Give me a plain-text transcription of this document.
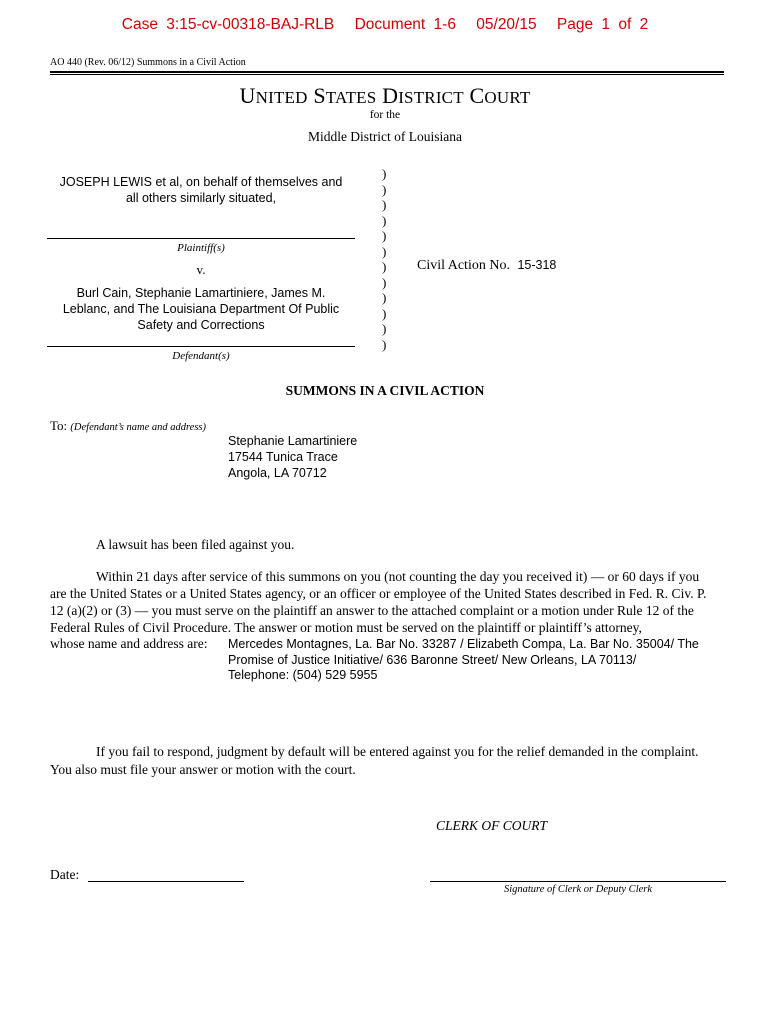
Case 3:15-cv-00318-BAJ-RLB Document 1-6 05/20/15 Page 1 of 2
AO 440 (Rev. 06/12) Summons in a Civil Action
UNITED STATES DISTRICT COURT
for the
Middle District of Louisiana
JOSEPH LEWIS et al, on behalf of themselves and
all others similarly situated,
Plaintiff(s)
v.
Burl Cain, Stephanie Lamartiniere, James M.
Leblanc, and The Louisiana Department Of Public
Safety and Corrections
Defendant(s)
)
)
)
)
)
)
)
)
)
)
)
)

Civil Action No. 15-318
SUMMONS IN A CIVIL ACTION
To: (Defendant’s name and address)
Stephanie Lamartiniere
17544 Tunica Trace
Angola, LA 70712
A lawsuit has been filed against you.
Within 21 days after service of this summons on you (not counting the day you received it) — or 60 days if you
are the United States or a United States agency, or an officer or employee of the United States described in Fed. R. Civ. P. 12 (a)(2) or (3) — you must serve on the plaintiff an answer to the attached complaint or a motion under Rule 12 of the Federal Rules of Civil Procedure. The answer or motion must be served on the plaintiff or plaintiff’s attorney,
whose name and address are: Mercedes Montagnes, La. Bar No. 33287 / Elizabeth Compa, La. Bar No. 35004/ The
Promise of Justice Initiative/ 636 Baronne Street/ New Orleans, LA 70113/
Telephone: (504) 529 5955
If you fail to respond, judgment by default will be entered against you for the relief demanded in the complaint.
You also must file your answer or motion with the court.
CLERK OF COURT
Date:
Signature of Clerk or Deputy Clerk
